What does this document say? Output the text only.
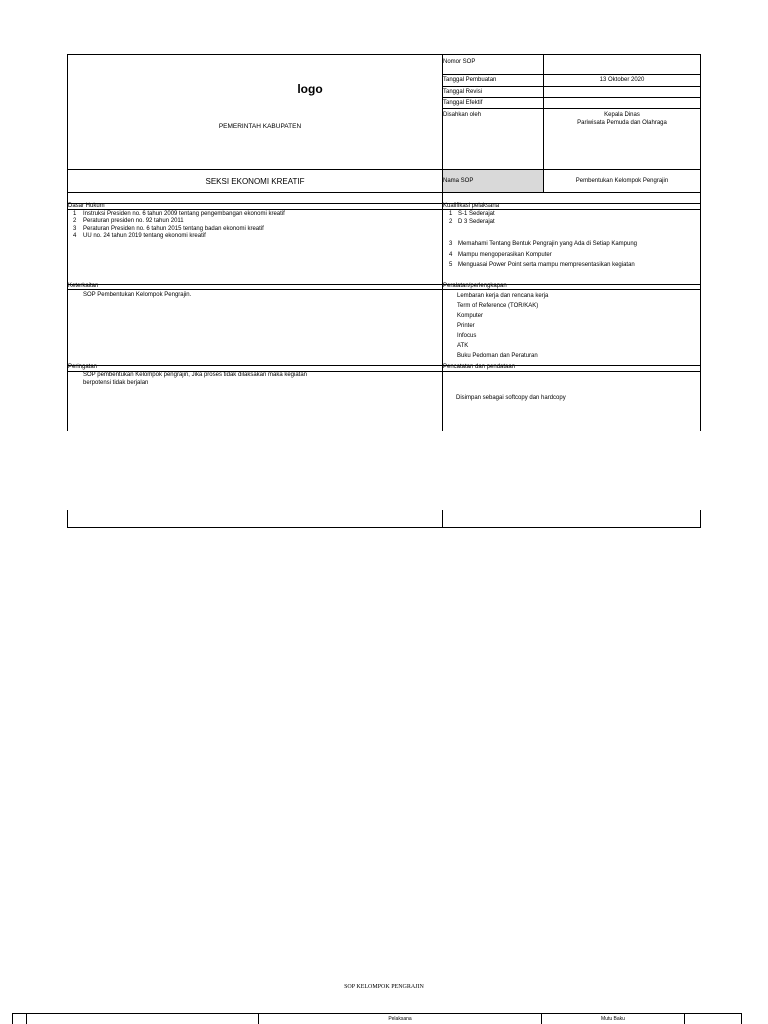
logo
PEMERINTAH KABUPATEN
SEKSI EKONOMI KREATIF
Nomor SOP
Tanggal Pembuatan	13 Oktober 2020
Tanggal Revisi
Tanggal Efektif
Disahkan oleh	Kepala Dinas
Pariwisata Pemuda dan Olahraga
Nama SOP	Pembentukan Kelompok Pengrajin
Dasar Hukum
1 Instruksi Presiden no. 6 tahun 2009 tentang pengembangan ekonomi kreatif
2 Peraturan presiden no. 92 tahun 2011
3 Peraturan Presiden no. 6 tahun 2015 tentang badan ekonomi kreatif
4 UU no. 24 tahun 2019 tentang ekonomi kreatif
Kualifikasi pelaksana
1 S-1 Sederajat
2 D 3 Sederajat
3 Memahami Tentang Bentuk Pengrajin yang Ada di Setiap Kampung
4 Mampu mengoperasikan Komputer
5 Menguasai Power Point serta mampu mempresentasikan kegiatan
Keterkaitan
SOP Pembentukan Kelompok Pengrajin.
Peralatan/perlengkapan
Lembaran kerja dan rencana kerja
Term of Reference (TOR/KAK)
Komputer
Printer
Infocus
ATK
Buku Pedoman dan Peraturan
Peringatan
SOP pembentukan Kelompok pengrajin, Jika proses tidak dilaksakan maka kegiatan
berpotensi tidak berjalan
Pencatatan dan pendataan
Disimpan sebagai softcopy dan hardcopy
SOP KELOMPOK PENGRAJIN
Pelaksana	Mutu Baku
